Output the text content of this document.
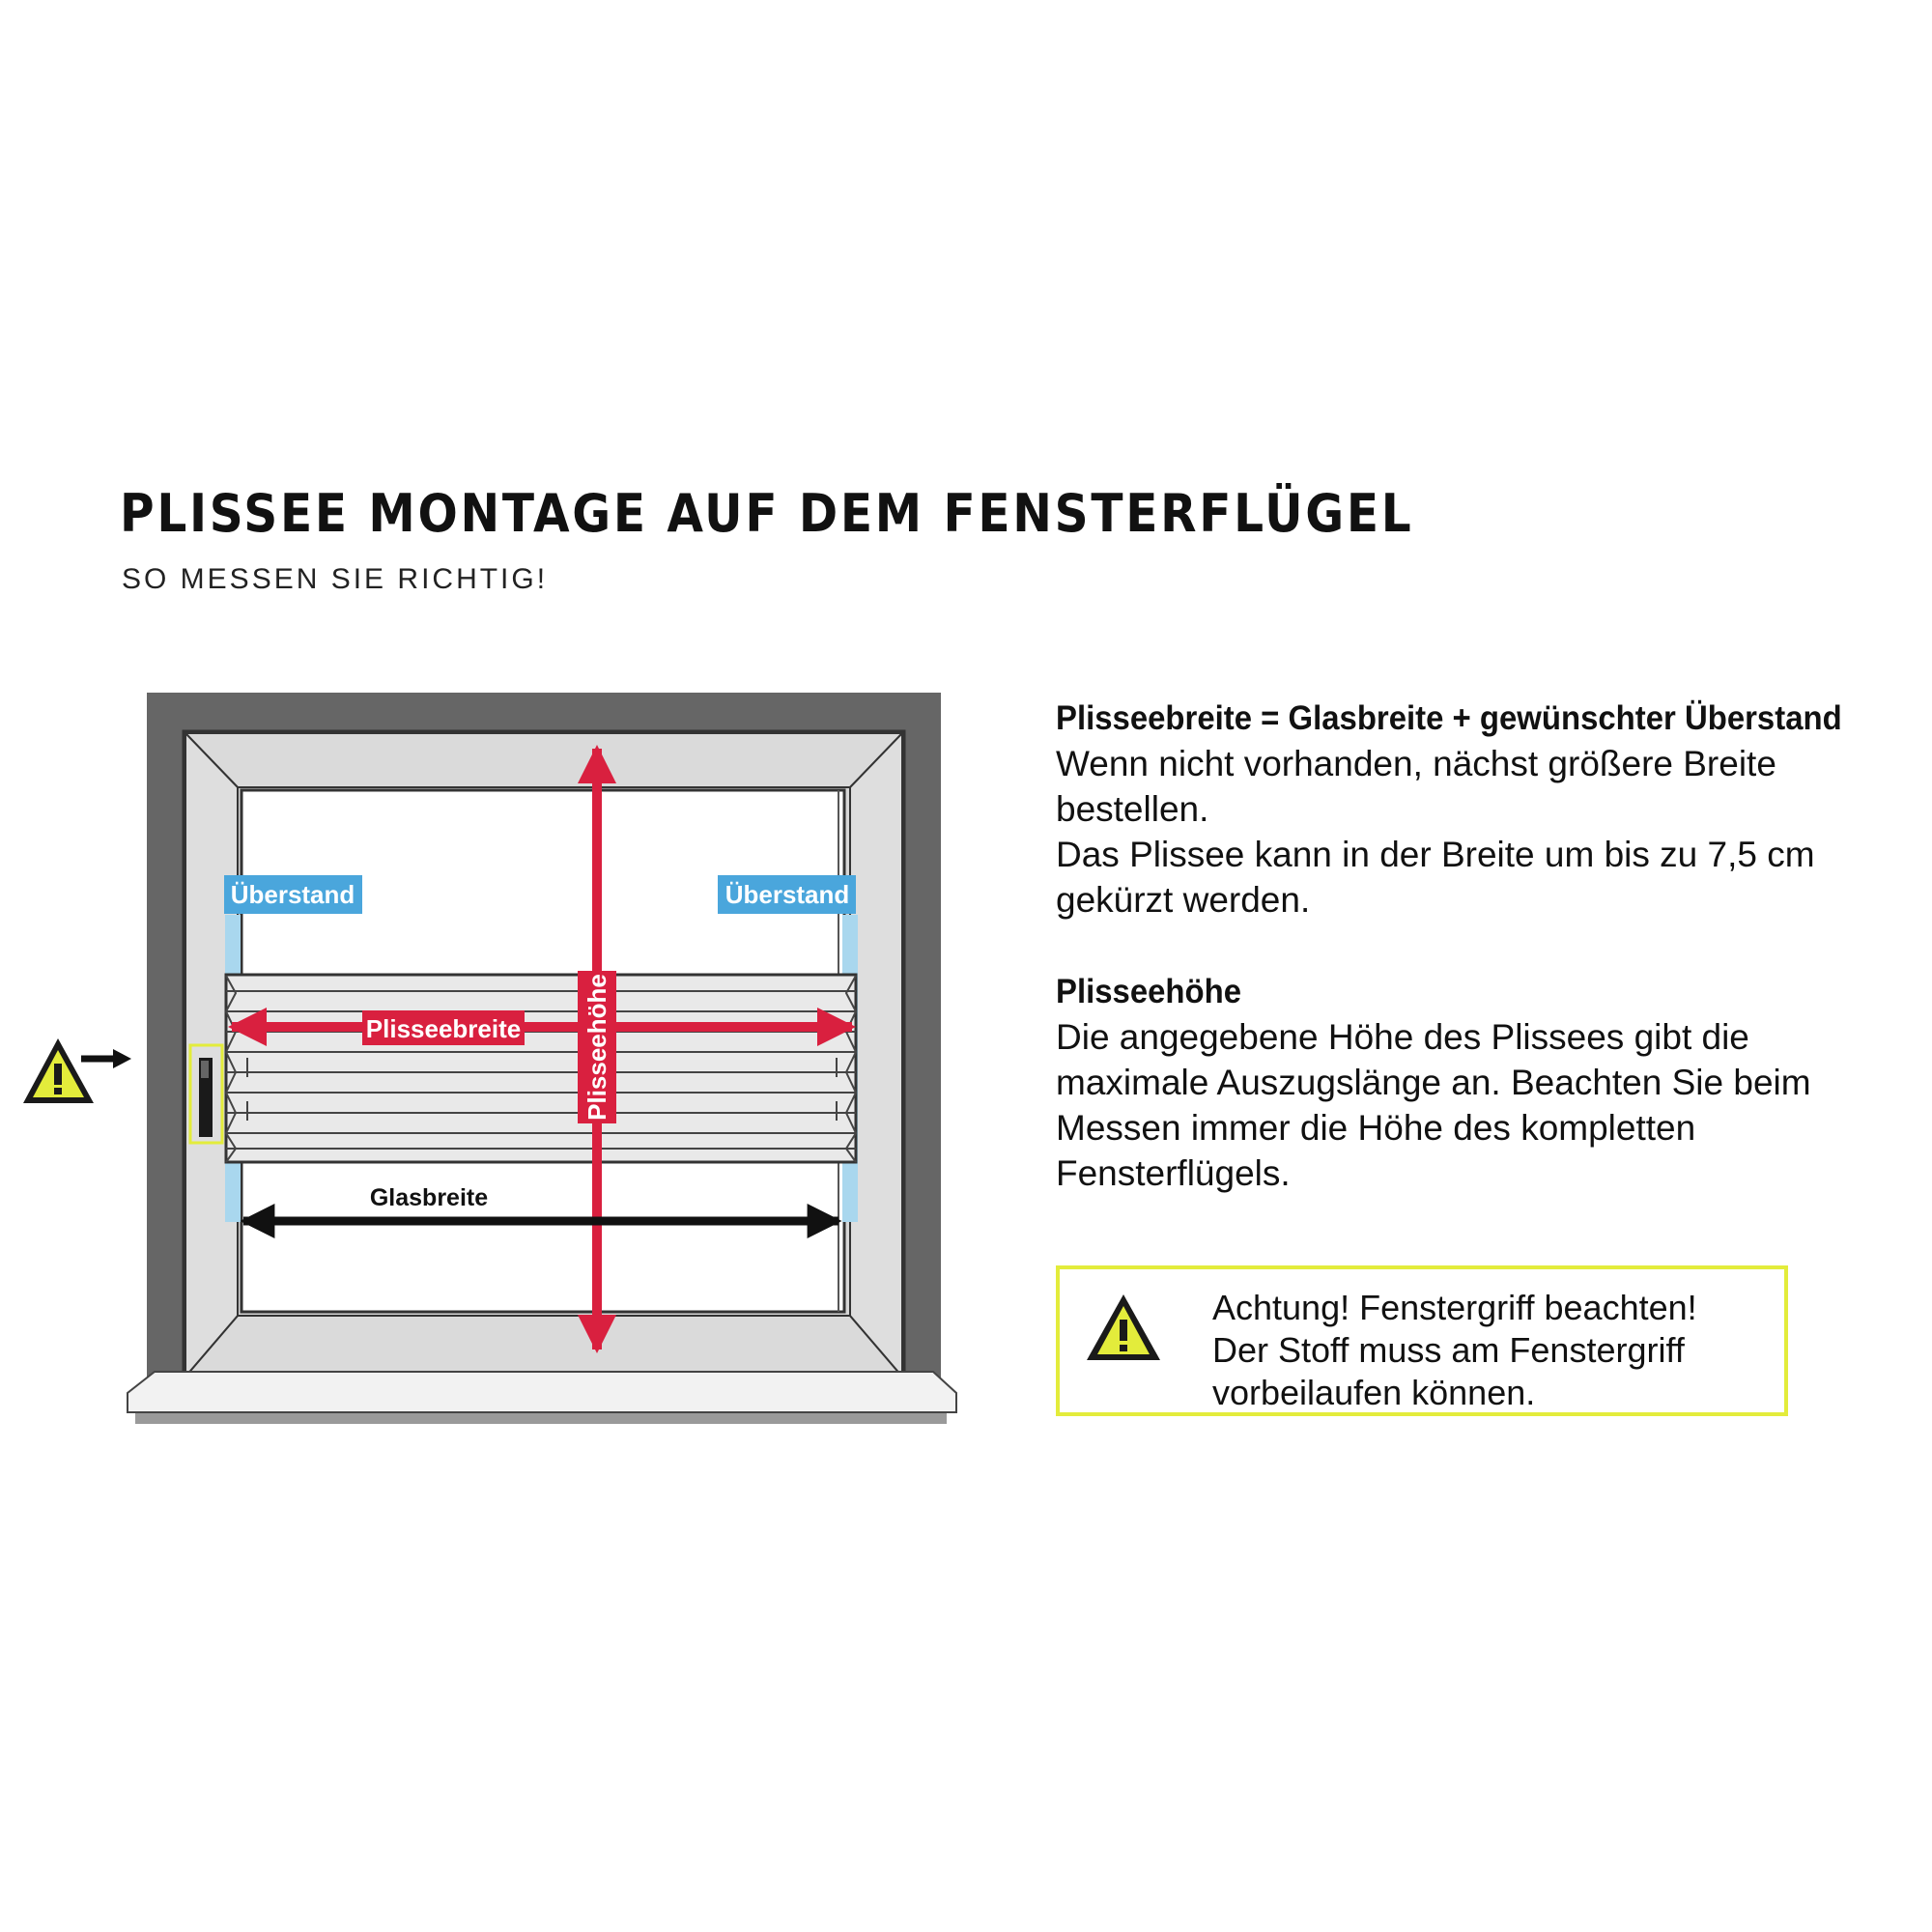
PLISSEE MONTAGE AUF DEM FENSTERFLÜGEL
SO MESSEN SIE RICHTIG!
Plisseebreite Plisseehöhe
Überstand	Überstand
Glasbreite
Plisseebreite = Glasbreite + gewünschter Überstand

Wenn nicht vorhanden, nächst größere Breite bestellen.

Das Plissee kann in der Breite um bis zu 7,5 cm gekürzt werden.

Plisseehöhe

Die angegebene Höhe des Plissees gibt die maximale Auszugslänge an. Beachten Sie beim Messen immer die Höhe des kompletten Fensterflügels.

Achtung! Fenstergriff beachten!
Der Stoff muss am Fenstergriff
vorbeilaufen können.
